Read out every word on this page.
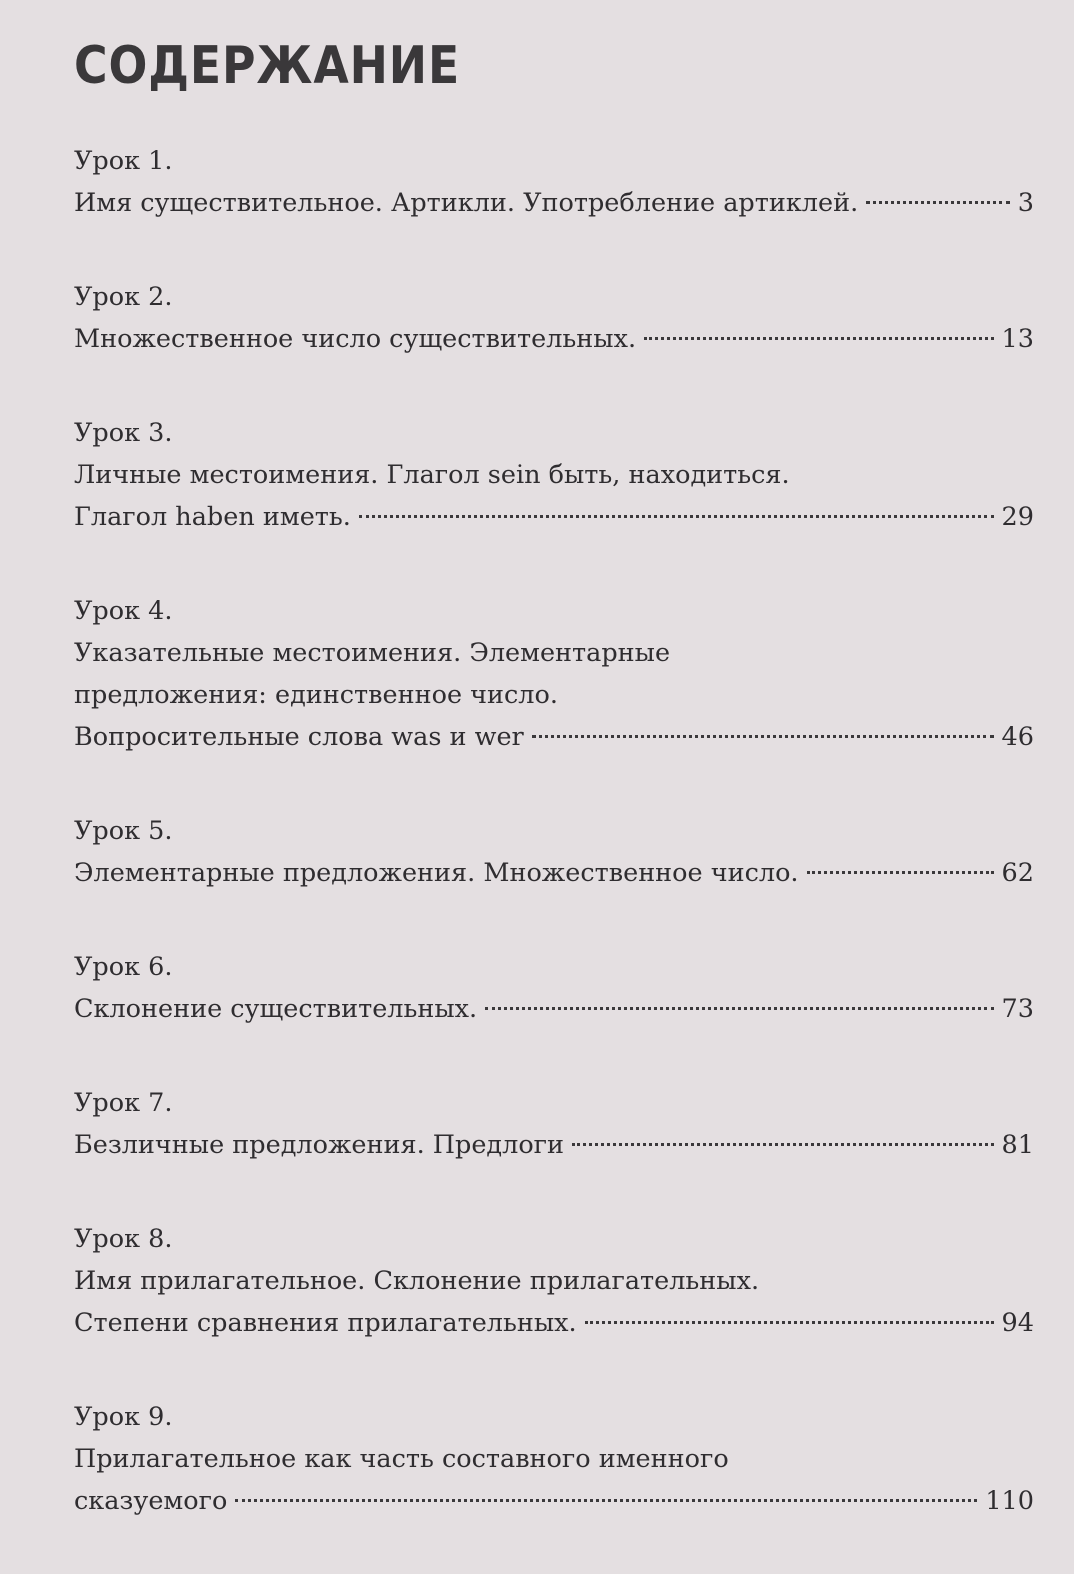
СОДЕРЖАНИЕ
Урок 1.
Имя существительное. Артикли. Употребление артиклей.	3
Урок 2.
Множественное число существительных.	13
Урок 3.
Личные местоимения. Глагол sein быть, находиться.
Глагол haben иметь.	29
Урок 4.
Указательные местоимения. Элементарные
предложения: единственное число.
Вопросительные слова was и wer	46
Урок 5.
Элементарные предложения. Множественное число.	62
Урок 6.
Склонение существительных.	73
Урок 7.
Безличные предложения. Предлоги	81
Урок 8.
Имя прилагательное. Склонение прилагательных.
Степени сравнения прилагательных.	94
Урок 9.
Прилагательное как часть составного именного
сказуемого	110
